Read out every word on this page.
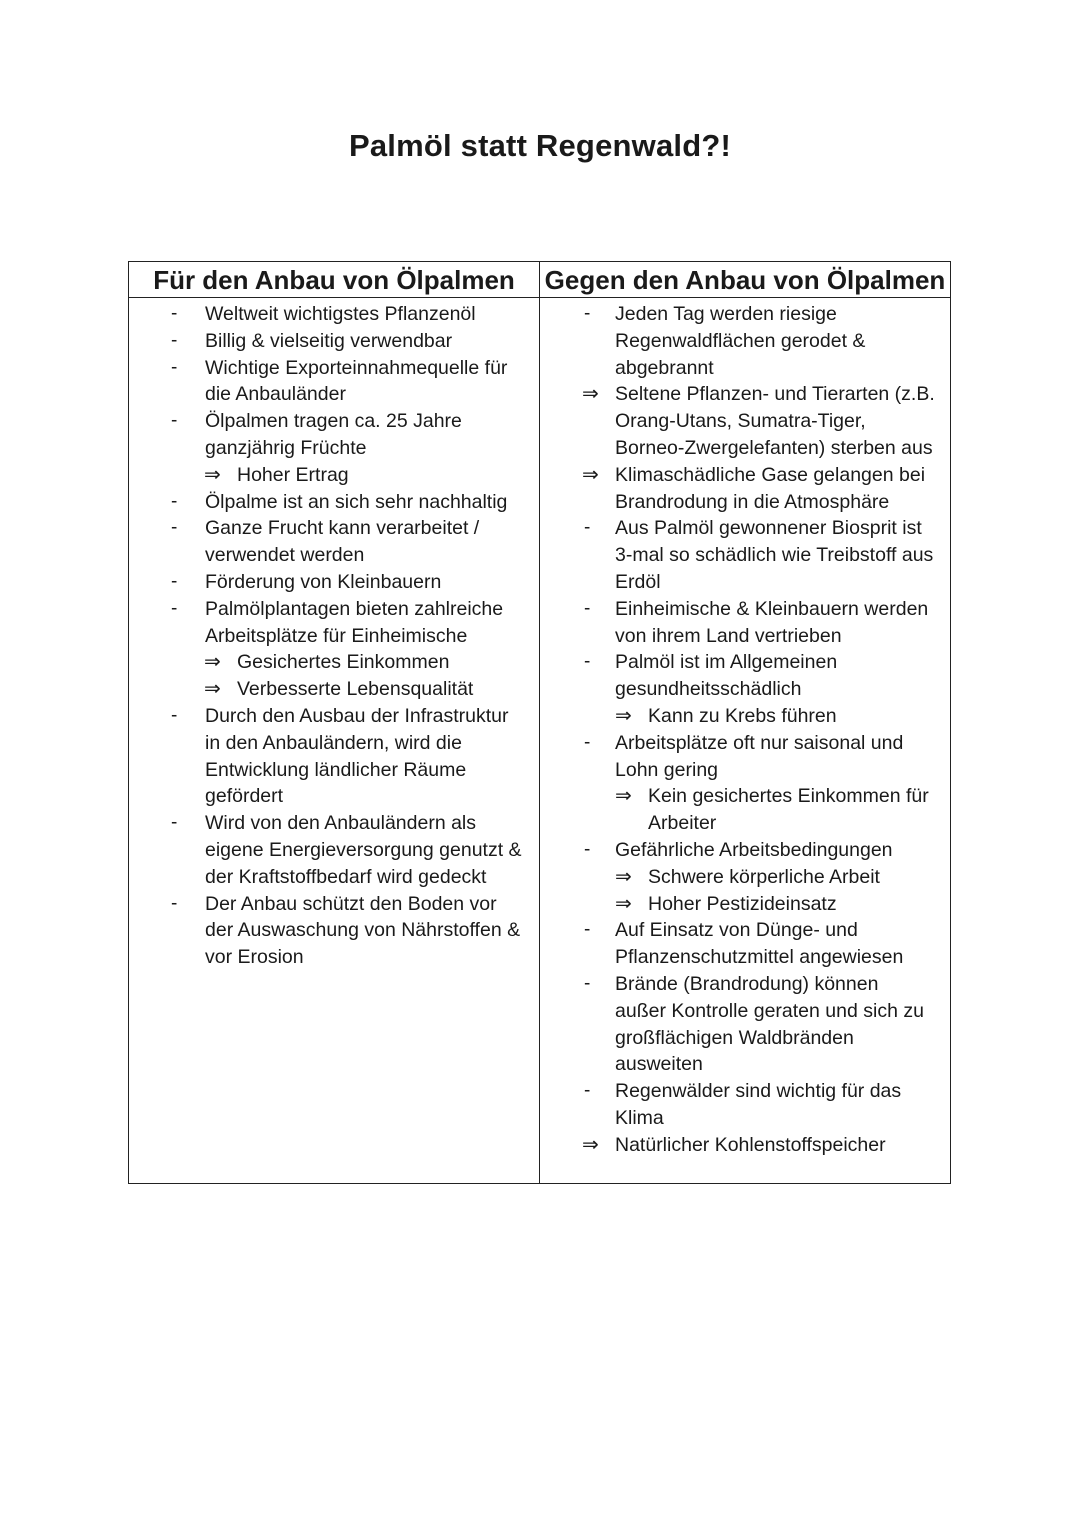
Palmöl statt Regenwald?!
Für den Anbau von Ölpalmen	Gegen den Anbau von Ölpalmen
- Weltweit wichtigstes Pflanzenöl
- Billig & vielseitig verwendbar
- Wichtige Exporteinnahmequelle für
die Anbauländer
- Ölpalmen tragen ca. 25 Jahre
ganzjährig Früchte
⇒ Hoher Ertrag
- Ölpalme ist an sich sehr nachhaltig
- Ganze Frucht kann verarbeitet /
verwendet werden
- Förderung von Kleinbauern
- Palmölplantagen bieten zahlreiche
Arbeitsplätze für Einheimische
⇒ Gesichertes Einkommen
⇒ Verbesserte Lebensqualität
- Durch den Ausbau der Infrastruktur
in den Anbauländern, wird die
Entwicklung ländlicher Räume
gefördert
- Wird von den Anbauländern als
eigene Energieversorgung genutzt &
der Kraftstoffbedarf wird gedeckt
- Der Anbau schützt den Boden vor
der Auswaschung von Nährstoffen &
vor Erosion
- Jeden Tag werden riesige
Regenwaldflächen gerodet &
abgebrannt
⇒ Seltene Pflanzen- und Tierarten (z.B.
Orang-Utans, Sumatra-Tiger,
Borneo-Zwergelefanten) sterben aus
⇒ Klimaschädliche Gase gelangen bei
Brandrodung in die Atmosphäre
- Aus Palmöl gewonnener Biosprit ist
3-mal so schädlich wie Treibstoff aus
Erdöl
- Einheimische & Kleinbauern werden
von ihrem Land vertrieben
- Palmöl ist im Allgemeinen
gesundheitsschädlich
⇒ Kann zu Krebs führen
- Arbeitsplätze oft nur saisonal und
Lohn gering
⇒ Kein gesichertes Einkommen für
Arbeiter
- Gefährliche Arbeitsbedingungen
⇒ Schwere körperliche Arbeit
⇒ Hoher Pestizideinsatz
- Auf Einsatz von Dünge- und
Pflanzenschutzmittel angewiesen
- Brände (Brandrodung) können
außer Kontrolle geraten und sich zu
großflächigen Waldbränden
ausweiten
- Regenwälder sind wichtig für das
Klima
⇒ Natürlicher Kohlenstoffspeicher
